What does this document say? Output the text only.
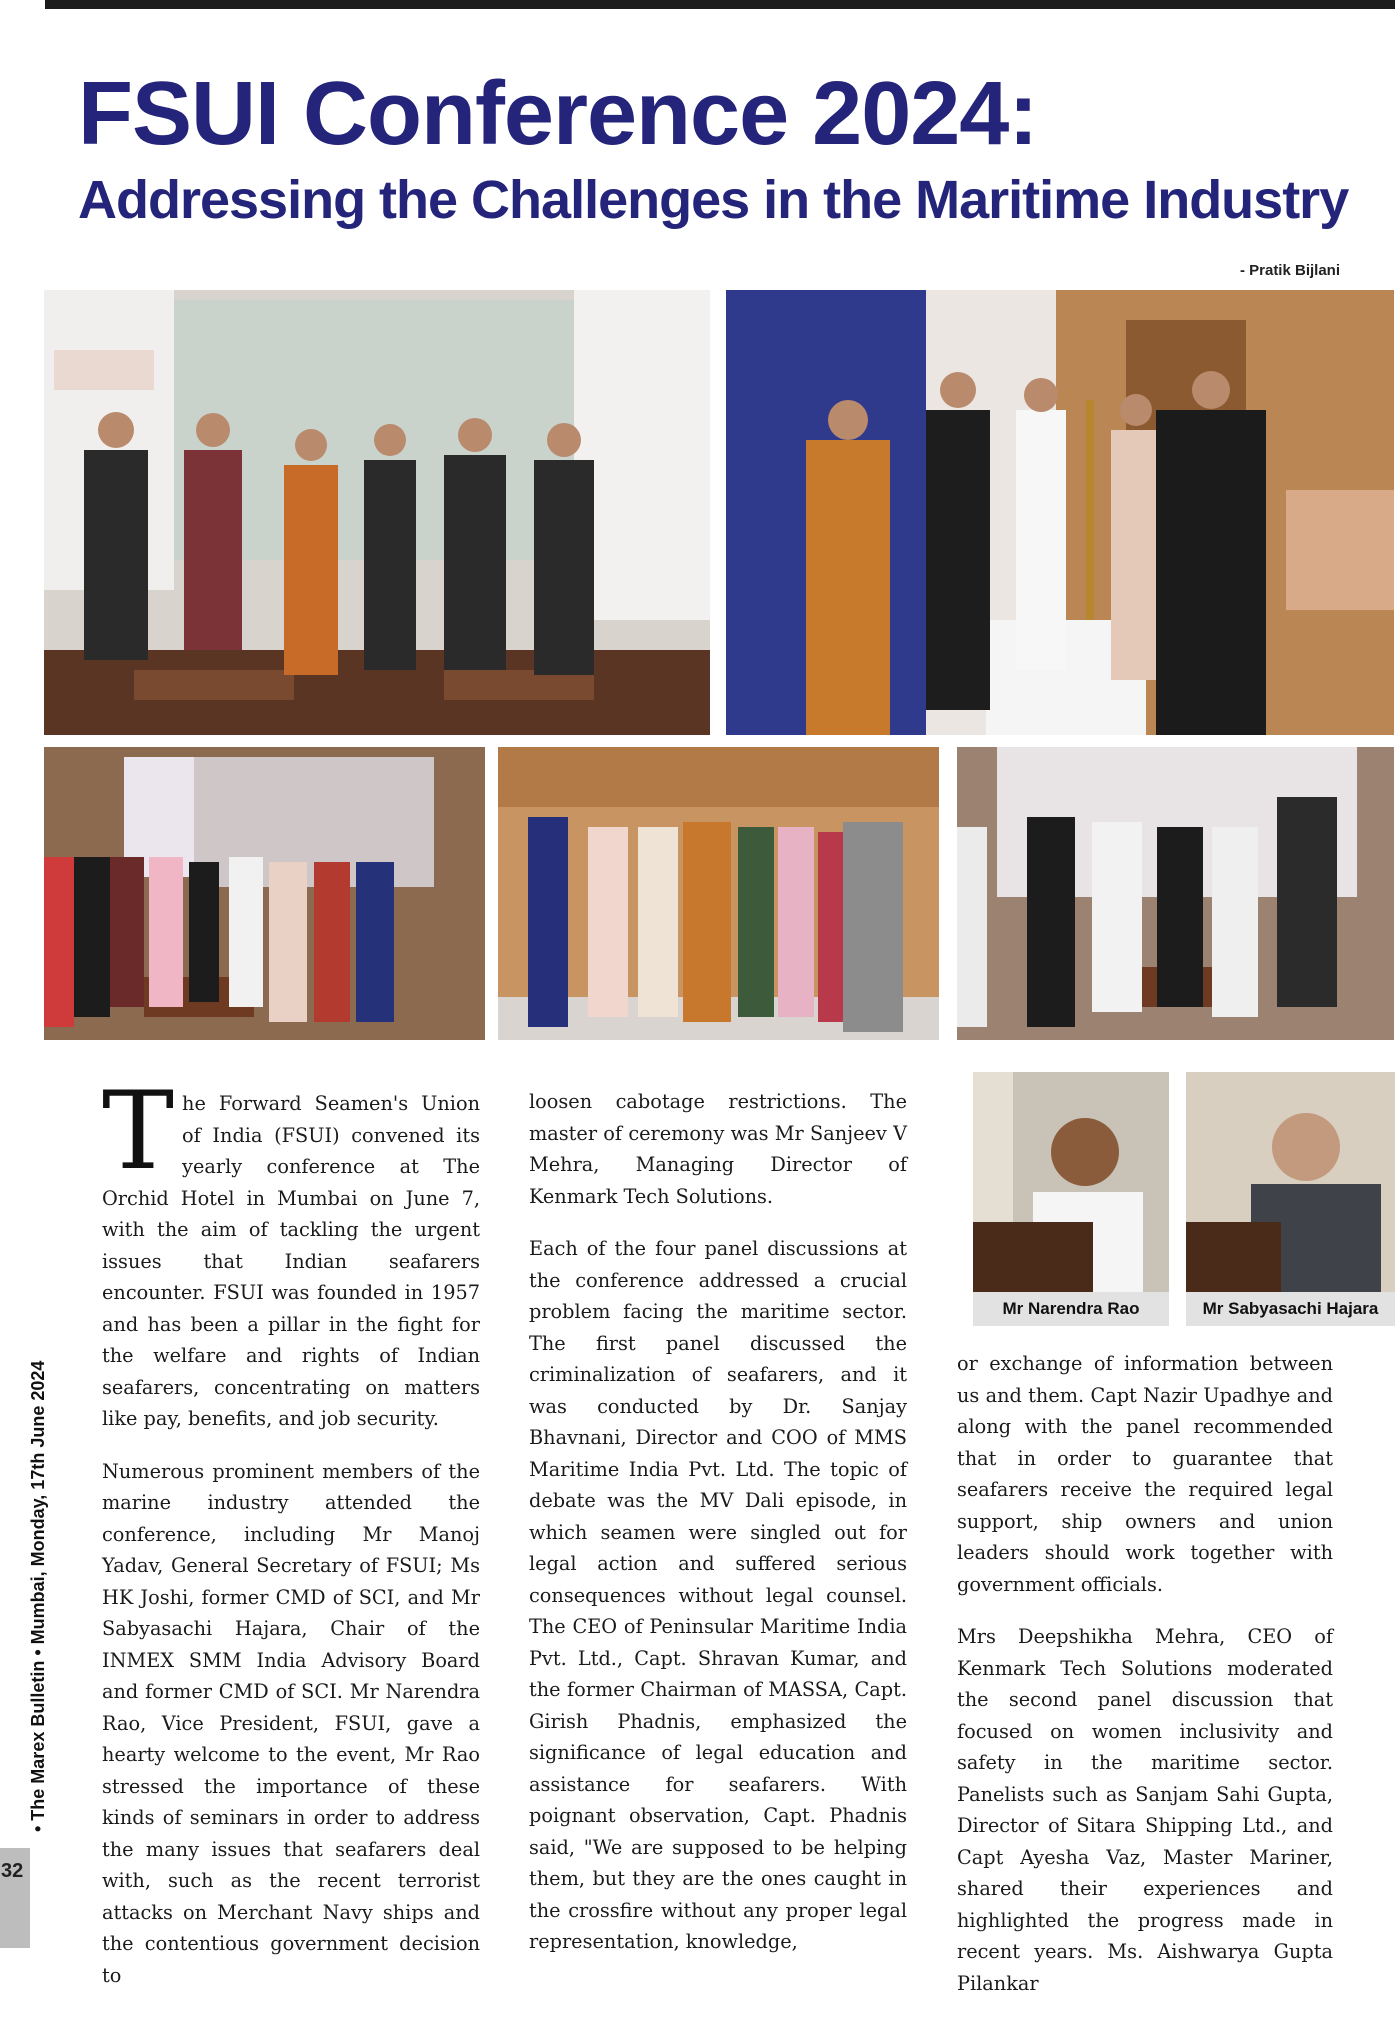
FSUI Conference 2024:
Addressing the Challenges in the Maritime Industry
- Pratik Bijlani
Mr Narendra Rao	Mr Sabyasachi Hajara

The Forward Seamen's Union of India (FSUI) convened its yearly conference at The Orchid Hotel in Mumbai on June 7, with the aim of tackling the urgent issues that Indian seafarers encounter. FSUI was founded in 1957 and has been a pillar in the fight for the welfare and rights of Indian seafarers, concentrating on matters like pay, benefits, and job security.

Numerous prominent members of the marine industry attended the conference, including Mr Manoj Yadav, General Secretary of FSUI; Ms HK Joshi, former CMD of SCI, and Mr Sabyasachi Hajara, Chair of the INMEX SMM India Advisory Board and former CMD of SCI. Mr Narendra Rao, Vice President, FSUI, gave a hearty welcome to the event, Mr Rao stressed the importance of these kinds of seminars in order to address the many issues that seafarers deal with, such as the recent terrorist attacks on Merchant Navy ships and the contentious government decision to

loosen cabotage restrictions. The master of ceremony was Mr Sanjeev V Mehra, Managing Director of Kenmark Tech Solutions.

Each of the four panel discussions at the conference addressed a crucial problem facing the maritime sector. The first panel discussed the criminalization of seafarers, and it was conducted by Dr. Sanjay Bhavnani, Director and COO of MMS Maritime India Pvt. Ltd. The topic of debate was the MV Dali episode, in which seamen were singled out for legal action and suffered serious consequences without legal counsel. The CEO of Peninsular Maritime India Pvt. Ltd., Capt. Shravan Kumar, and the former Chairman of MASSA, Capt. Girish Phadnis, emphasized the significance of legal education and assistance for seafarers. With poignant observation, Capt. Phadnis said, "We are supposed to be helping them, but they are the ones caught in the crossfire without any proper legal representation, knowledge,

or exchange of information between us and them. Capt Nazir Upadhye and along with the panel recommended that in order to guarantee that seafarers receive the required legal support, ship owners and union leaders should work together with government officials.

Mrs Deepshikha Mehra, CEO of Kenmark Tech Solutions moderated the second panel discussion that focused on women inclusivity and safety in the maritime sector. Panelists such as Sanjam Sahi Gupta, Director of Sitara Shipping Ltd., and Capt Ayesha Vaz, Master Mariner, shared their experiences and highlighted the progress made in recent years. Ms. Aishwarya Gupta Pilankar

• The Marex Bulletin • Mumbai, Monday, 17th June 2024
32
